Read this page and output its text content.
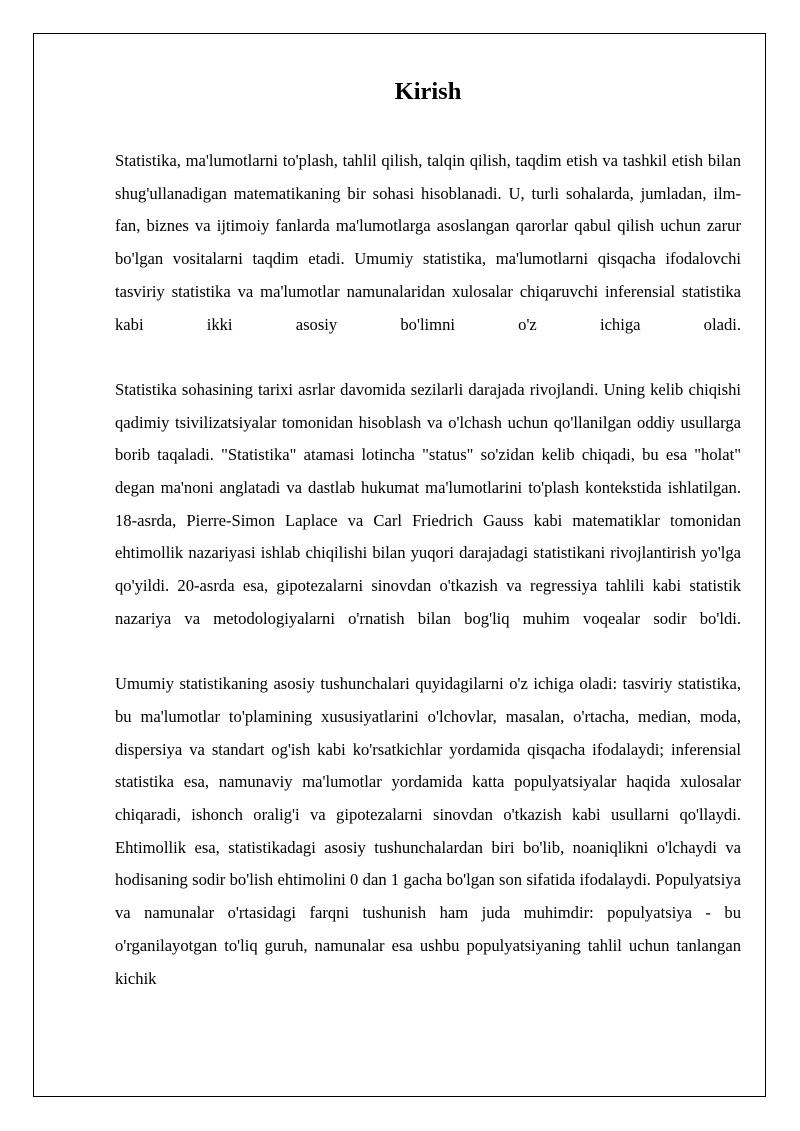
Kirish

Statistika, ma'lumotlarni to'plash, tahlil qilish, talqin qilish, taqdim etish va tashkil etish bilan shug'ullanadigan matematikaning bir sohasi hisoblanadi. U, turli sohalarda, jumladan, ilm-fan, biznes va ijtimoiy fanlarda ma'lumotlarga asoslangan qarorlar qabul qilish uchun zarur bo'lgan vositalarni taqdim etadi. Umumiy statistika, ma'lumotlarni qisqacha ifodalovchi tasviriy statistika va ma'lumotlar namunalaridan xulosalar chiqaruvchi inferensial statistika kabi ikki asosiy bo'limni o'z ichiga oladi.

Statistika sohasining tarixi asrlar davomida sezilarli darajada rivojlandi. Uning kelib chiqishi qadimiy tsivilizatsiyalar tomonidan hisoblash va o'lchash uchun qo'llanilgan oddiy usullarga borib taqaladi. "Statistika" atamasi lotincha "status" so'zidan kelib chiqadi, bu esa "holat" degan ma'noni anglatadi va dastlab hukumat ma'lumotlarini to'plash kontekstida ishlatilgan. 18-asrda, Pierre-Simon Laplace va Carl Friedrich Gauss kabi matematiklar tomonidan ehtimollik nazariyasi ishlab chiqilishi bilan yuqori darajadagi statistikani rivojlantirish yo'lga qo'yildi. 20-asrda esa, gipotezalarni sinovdan o'tkazish va regressiya tahlili kabi statistik nazariya va metodologiyalarni o'rnatish bilan bog'liq muhim voqealar sodir bo'ldi.

Umumiy statistikaning asosiy tushunchalari quyidagilarni o'z ichiga oladi: tasviriy statistika, bu ma'lumotlar to'plamining xususiyatlarini o'lchovlar, masalan, o'rtacha, median, moda, dispersiya va standart og'ish kabi ko'rsatkichlar yordamida qisqacha ifodalaydi; inferensial statistika esa, namunaviy ma'lumotlar yordamida katta populyatsiyalar haqida xulosalar chiqaradi, ishonch oralig'i va gipotezalarni sinovdan o'tkazish kabi usullarni qo'llaydi. Ehtimollik esa, statistikadagi asosiy tushunchalardan biri bo'lib, noaniqlikni o'lchaydi va hodisaning sodir bo'lish ehtimolini 0 dan 1 gacha bo'lgan son sifatida ifodalaydi. Populyatsiya va namunalar o'rtasidagi farqni tushunish ham juda muhimdir: populyatsiya - bu o'rganilayotgan to'liq guruh, namunalar esa ushbu populyatsiyaning tahlil uchun tanlangan kichik
